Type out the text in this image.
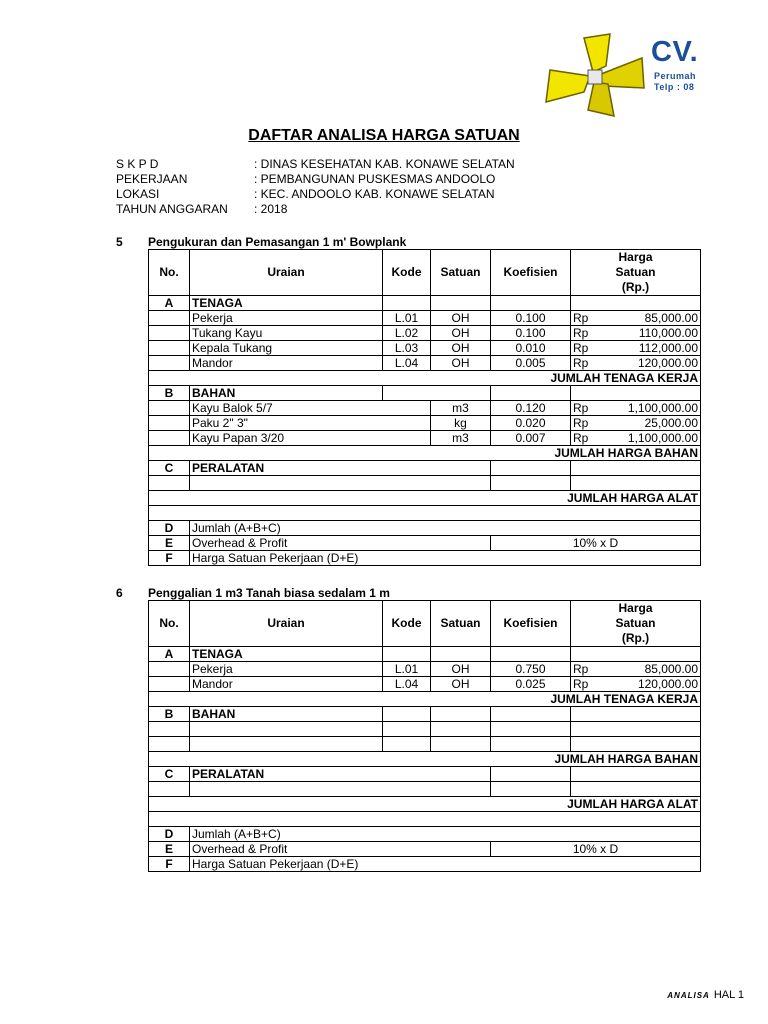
CV.
Perumah
Telp : 08
DAFTAR ANALISA HARGA SATUAN
S K P D	: DINAS KESEHATAN KAB. KONAWE SELATAN
PEKERJAAN	: PEMBANGUNAN PUSKESMAS ANDOOLO
LOKASI	: KEC. ANDOOLO KAB. KONAWE SELATAN
TAHUN ANGGARAN	: 2018
5 Pengukuran dan Pemasangan 1 m' Bowplank
No.	Uraian	Kode	Satuan	Koefisien	Harga
Satuan
(Rp.)	
A	TENAGA					
	Pekerja	L.01	OH	0.100	Rp	85,000.00
	Tukang Kayu	L.02	OH	0.100	Rp	110,000.00
	Kepala Tukang	L.03	OH	0.010	Rp	112,000.00
	Mandor	L.04	OH	0.005	Rp	120,000.00
JUMLAH TENAGA KERJA						
B	BAHAN					
	Kayu Balok 5/7		m3	0.120	Rp	1,100,000.00
	Paku 2" 3"		kg	0.020	Rp	25,000.00
	Kayu Papan 3/20		m3	0.007	Rp	1,100,000.00
JUMLAH HARGA BAHAN						
C	PERALATAN					

JUMLAH HARGA ALAT						

D	Jumlah (A+B+C)					
E	Overhead & Profit			10% x D		
F	Harga Satuan Pekerjaan (D+E)					
6 Penggalian 1 m3 Tanah biasa sedalam 1 m
No.	Uraian	Kode	Satuan	Koefisien	Harga
Satuan
(Rp.)	
A	TENAGA					
	Pekerja	L.01	OH	0.750	Rp	85,000.00
	Mandor	L.04	OH	0.025	Rp	120,000.00
JUMLAH TENAGA KERJA						
B	BAHAN					

JUMLAH HARGA BAHAN						
C	PERALATAN					

JUMLAH HARGA ALAT						

D	Jumlah (A+B+C)					
E	Overhead & Profit			10% x D		
F	Harga Satuan Pekerjaan (D+E)					
ANALISA HAL 1
